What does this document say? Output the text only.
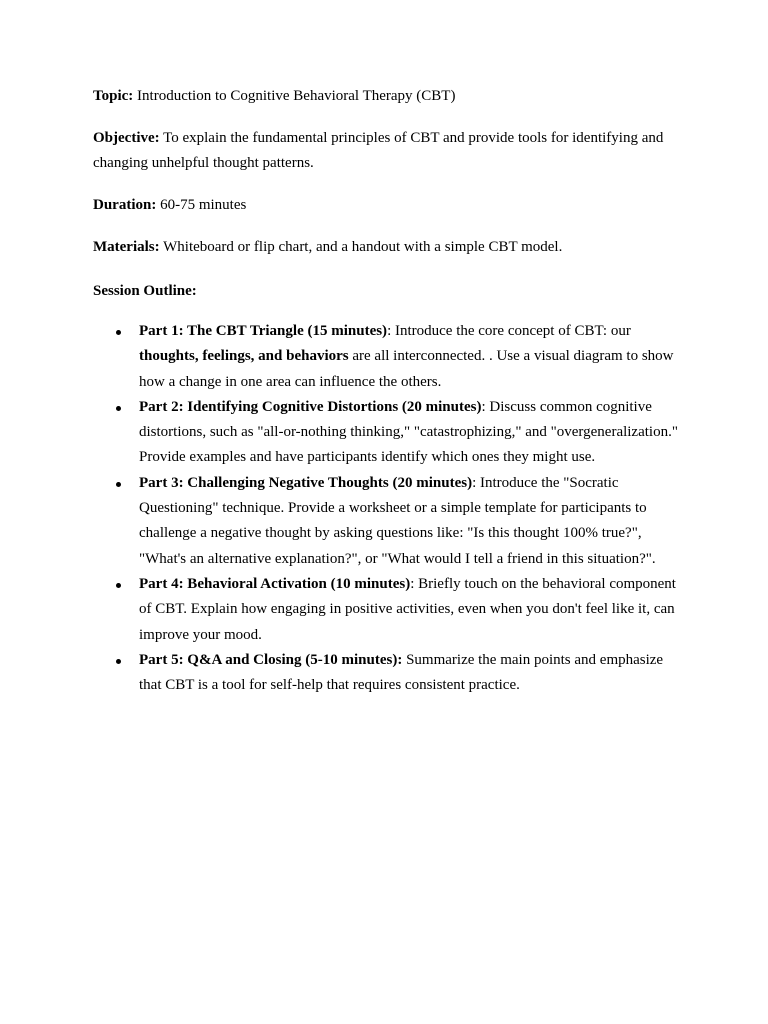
Topic: Introduction to Cognitive Behavioral Therapy (CBT)

Objective: To explain the fundamental principles of CBT and provide tools for identifying and changing unhelpful thought patterns.

Duration: 60-75 minutes

Materials: Whiteboard or flip chart, and a handout with a simple CBT model.

Session Outline:

Part 1: The CBT Triangle (15 minutes): Introduce the core concept of CBT: our thoughts, feelings, and behaviors are all interconnected. . Use a visual diagram to show how a change in one area can influence the others.
Part 2: Identifying Cognitive Distortions (20 minutes): Discuss common cognitive distortions, such as "all-or-nothing thinking," "catastrophizing," and "overgeneralization." Provide examples and have participants identify which ones they might use.
Part 3: Challenging Negative Thoughts (20 minutes): Introduce the "Socratic Questioning" technique. Provide a worksheet or a simple template for participants to challenge a negative thought by asking questions like: "Is this thought 100% true?", "What's an alternative explanation?", or "What would I tell a friend in this situation?".
Part 4: Behavioral Activation (10 minutes): Briefly touch on the behavioral component of CBT. Explain how engaging in positive activities, even when you don't feel like it, can improve your mood.
Part 5: Q&A and Closing (5-10 minutes): Summarize the main points and emphasize that CBT is a tool for self-help that requires consistent practice.
